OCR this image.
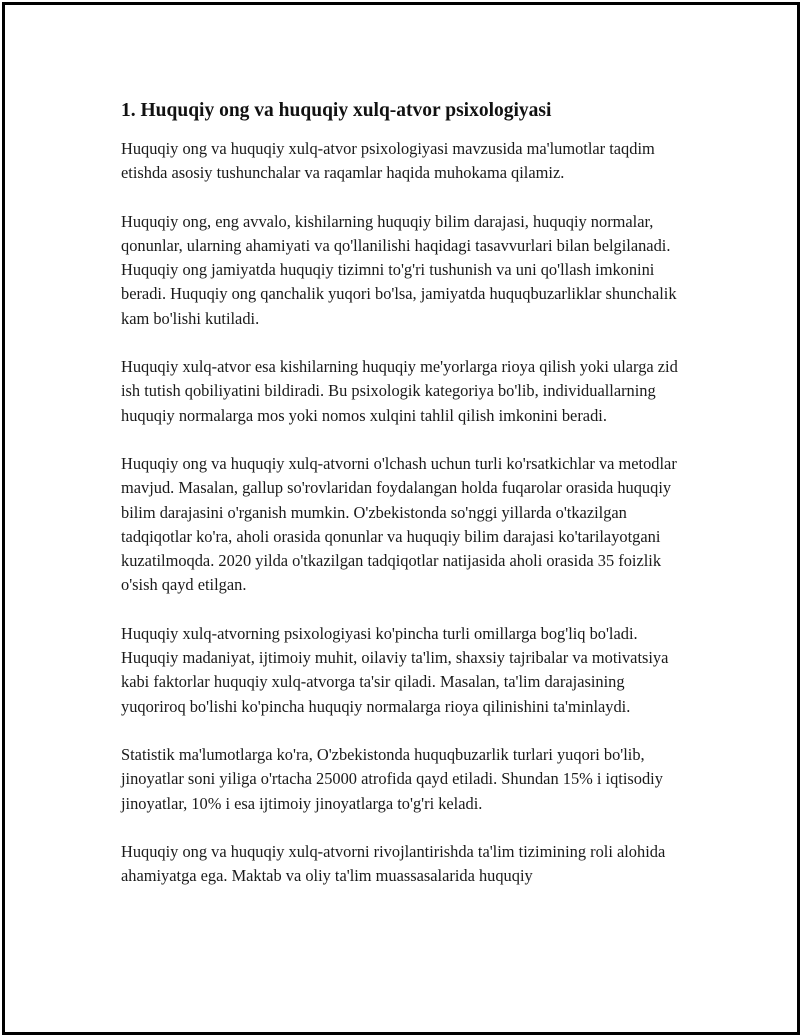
1. Huquqiy ong va huquqiy xulq-atvor psixologiyasi

Huquqiy ong va huquqiy xulq-atvor psixologiyasi mavzusida ma'lumotlar taqdim etishda asosiy tushunchalar va raqamlar haqida muhokama qilamiz.

Huquqiy ong, eng avvalo, kishilarning huquqiy bilim darajasi, huquqiy normalar, qonunlar, ularning ahamiyati va qo'llanilishi haqidagi tasavvurlari bilan belgilanadi. Huquqiy ong jamiyatda huquqiy tizimni to'g'ri tushunish va uni qo'llash imkonini beradi. Huquqiy ong qanchalik yuqori bo'lsa, jamiyatda huquqbuzarliklar shunchalik kam bo'lishi kutiladi.

Huquqiy xulq-atvor esa kishilarning huquqiy me'yorlarga rioya qilish yoki ularga zid ish tutish qobiliyatini bildiradi. Bu psixologik kategoriya bo'lib, individuallarning huquqiy normalarga mos yoki nomos xulqini tahlil qilish imkonini beradi.

Huquqiy ong va huquqiy xulq-atvorni o'lchash uchun turli ko'rsatkichlar va metodlar mavjud. Masalan, gallup so'rovlaridan foydalangan holda fuqarolar orasida huquqiy bilim darajasini o'rganish mumkin. O'zbekistonda so'nggi yillarda o'tkazilgan tadqiqotlar ko'ra, aholi orasida qonunlar va huquqiy bilim darajasi ko'tarilayotgani kuzatilmoqda. 2020 yilda o'tkazilgan tadqiqotlar natijasida aholi orasida 35 foizlik o'sish qayd etilgan.

Huquqiy xulq-atvorning psixologiyasi ko'pincha turli omillarga bog'liq bo'ladi. Huquqiy madaniyat, ijtimoiy muhit, oilaviy ta'lim, shaxsiy tajribalar va motivatsiya kabi faktorlar huquqiy xulq-atvorga ta'sir qiladi. Masalan, ta'lim darajasining yuqoriroq bo'lishi ko'pincha huquqiy normalarga rioya qilinishini ta'minlaydi.

Statistik ma'lumotlarga ko'ra, O'zbekistonda huquqbuzarlik turlari yuqori bo'lib, jinoyatlar soni yiliga o'rtacha 25000 atrofida qayd etiladi. Shundan 15% i iqtisodiy jinoyatlar, 10% i esa ijtimoiy jinoyatlarga to'g'ri keladi.

Huquqiy ong va huquqiy xulq-atvorni rivojlantirishda ta'lim tizimining roli alohida ahamiyatga ega. Maktab va oliy ta'lim muassasalarida huquqiy
